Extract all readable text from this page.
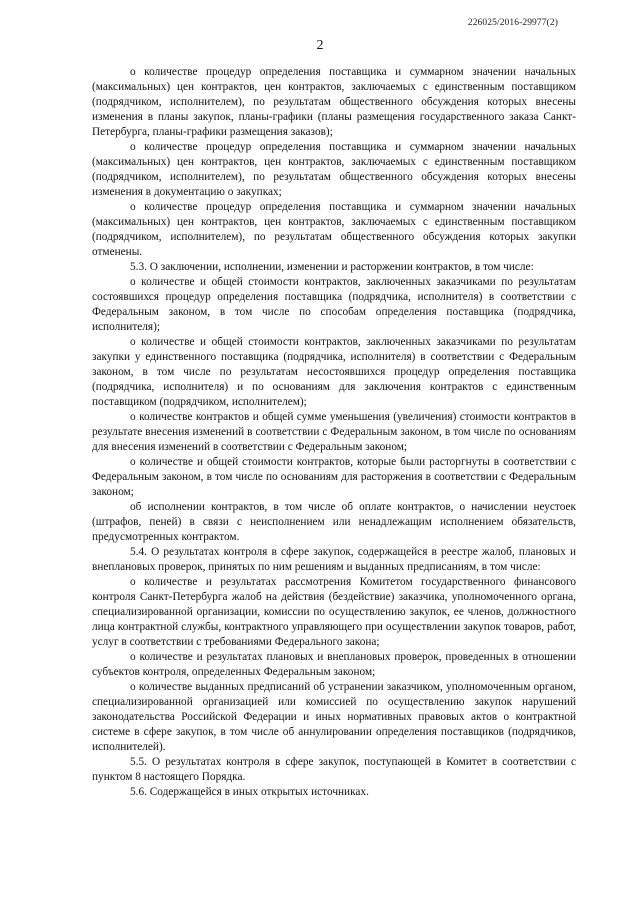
226025/2016-29977(2)
2

о количестве процедур определения поставщика и суммарном значении начальных (максимальных) цен контрактов, цен контрактов, заключаемых с единственным поставщиком (подрядчиком, исполнителем), по результатам общественного обсуждения которых внесены изменения в планы закупок, планы-графики (планы размещения государственного заказа Санкт-Петербурга, планы-графики размещения заказов);

о количестве процедур определения поставщика и суммарном значении начальных (максимальных) цен контрактов, цен контрактов, заключаемых с единственным поставщиком (подрядчиком, исполнителем), по результатам общественного обсуждения которых внесены изменения в документацию о закупках;

о количестве процедур определения поставщика и суммарном значении начальных (максимальных) цен контрактов, цен контрактов, заключаемых с единственным поставщиком (подрядчиком, исполнителем), по результатам общественного обсуждения которых закупки отменены.

5.3. О заключении, исполнении, изменении и расторжении контрактов, в том числе:

о количестве и общей стоимости контрактов, заключенных заказчиками по результатам состоявшихся процедур определения поставщика (подрядчика, исполнителя) в соответствии с Федеральным законом, в том числе по способам определения поставщика (подрядчика, исполнителя);

о количестве и общей стоимости контрактов, заключенных заказчиками по результатам закупки у единственного поставщика (подрядчика, исполнителя) в соответствии с Федеральным законом, в том числе по результатам несостоявшихся процедур определения поставщика (подрядчика, исполнителя) и по основаниям для заключения контрактов с единственным поставщиком (подрядчиком, исполнителем);

о количестве контрактов и общей сумме уменьшения (увеличения) стоимости контрактов в результате внесения изменений в соответствии с Федеральным законом, в том числе по основаниям для внесения изменений в соответствии с Федеральным законом;

о количестве и общей стоимости контрактов, которые были расторгнуты в соответствии с Федеральным законом, в том числе по основаниям для расторжения в соответствии с Федеральным законом;

об исполнении контрактов, в том числе об оплате контрактов, о начислении неустоек (штрафов, пеней) в связи с неисполнением или ненадлежащим исполнением обязательств, предусмотренных контрактом.

5.4. О результатах контроля в сфере закупок, содержащейся в реестре жалоб, плановых и внеплановых проверок, принятых по ним решениям и выданных предписаниям, в том числе:

о количестве и результатах рассмотрения Комитетом государственного финансового контроля Санкт-Петербурга жалоб на действия (бездействие) заказчика, уполномоченного органа, специализированной организации, комиссии по осуществлению закупок, ее членов, должностного лица контрактной службы, контрактного управляющего при осуществлении закупок товаров, работ, услуг в соответствии с требованиями Федерального закона;

о количестве и результатах плановых и внеплановых проверок, проведенных в отношении субъектов контроля, определенных Федеральным законом;

о количестве выданных предписаний об устранении заказчиком, уполномоченным органом, специализированной организацией или комиссией по осуществлению закупок нарушений законодательства Российской Федерации и иных нормативных правовых актов о контрактной системе в сфере закупок, в том числе об аннулировании определения поставщиков (подрядчиков, исполнителей).

5.5. О результатах контроля в сфере закупок, поступающей в Комитет в соответствии с пунктом 8 настоящего Порядка.

5.6. Содержащейся в иных открытых источниках.
